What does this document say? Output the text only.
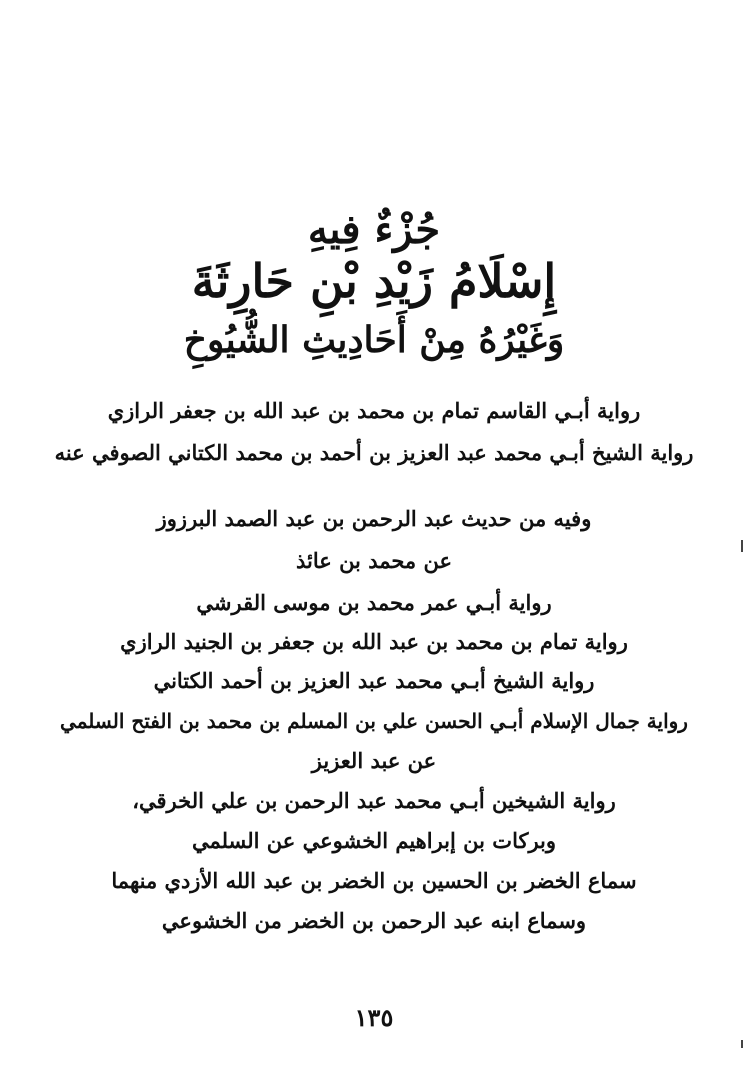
جُزْءٌ فِيهِ
إِسْلَامُ زَيْدِ بْنِ حَارِثَةَ
وَغَيْرُهُ مِنْ أَحَادِيثِ الشُّيُوخِ
رواية أبـي القاسم تمام بن محمد بن عبد الله بن جعفر الرازي
رواية الشيخ أبـي محمد عبد العزيز بن أحمد بن محمد الكتاني الصوفي عنه
وفيه من حديث عبد الرحمن بن عبد الصمد البرزوز
عن محمد بن عائذ
رواية أبـي عمر محمد بن موسى القرشي
رواية تمام بن محمد بن عبد الله بن جعفر بن الجنيد الرازي
رواية الشيخ أبـي محمد عبد العزيز بن أحمد الكتاني
رواية جمال الإسلام أبـي الحسن علي بن المسلم بن محمد بن الفتح السلمي
عن عبد العزيز
رواية الشيخين أبـي محمد عبد الرحمن بن علي الخرقي،
وبركات بن إبراهيم الخشوعي عن السلمي
سماع الخضر بن الحسين بن الخضر بن عبد الله الأزدي منهما
وسماع ابنه عبد الرحمن بن الخضر من الخشوعي
١٣٥
